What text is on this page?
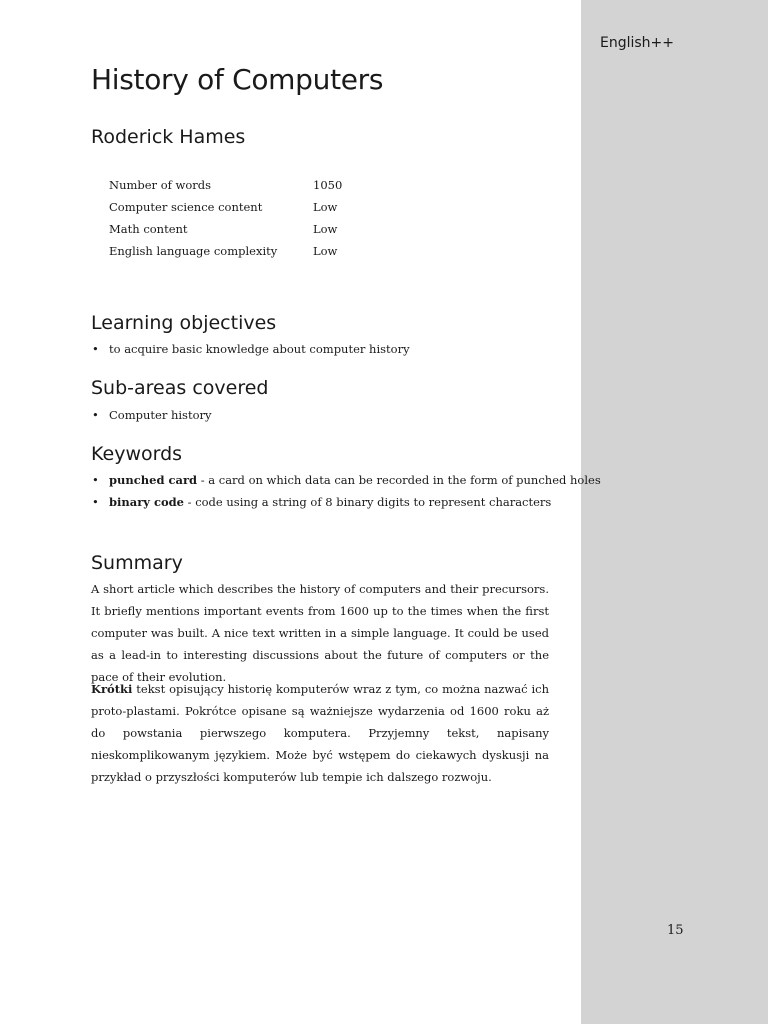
English++
15
History of Computers
Roderick Hames
Number of words	1050
Computer science content	Low
Math content	Low
English language complexity	Low
Learning objectives
• to acquire basic knowledge about computer history
Sub-areas covered
• Computer history
Keywords
• punched card - a card on which data can be recorded in the form of punched holes
• binary code - code using a string of 8 binary digits to represent characters
Summary

A short article which describes the history of computers and their precursors. It briefly mentions important events from 1600 up to the times when the first computer was built. A nice text written in a simple language. It could be used as a lead-in to interesting discussions about the future of computers or the pace of their evolution.

Krótki tekst opisujący historię komputerów wraz z tym, co można nazwać ich proto-plastami. Pokrótce opisane są ważniejsze wydarzenia od 1600 roku aż do powstania pierwszego komputera. Przyjemny tekst, napisany nieskomplikowanym językiem. Może być wstępem do ciekawych dyskusji na przykład o przyszłości komputerów lub tempie ich dalszego rozwoju.
